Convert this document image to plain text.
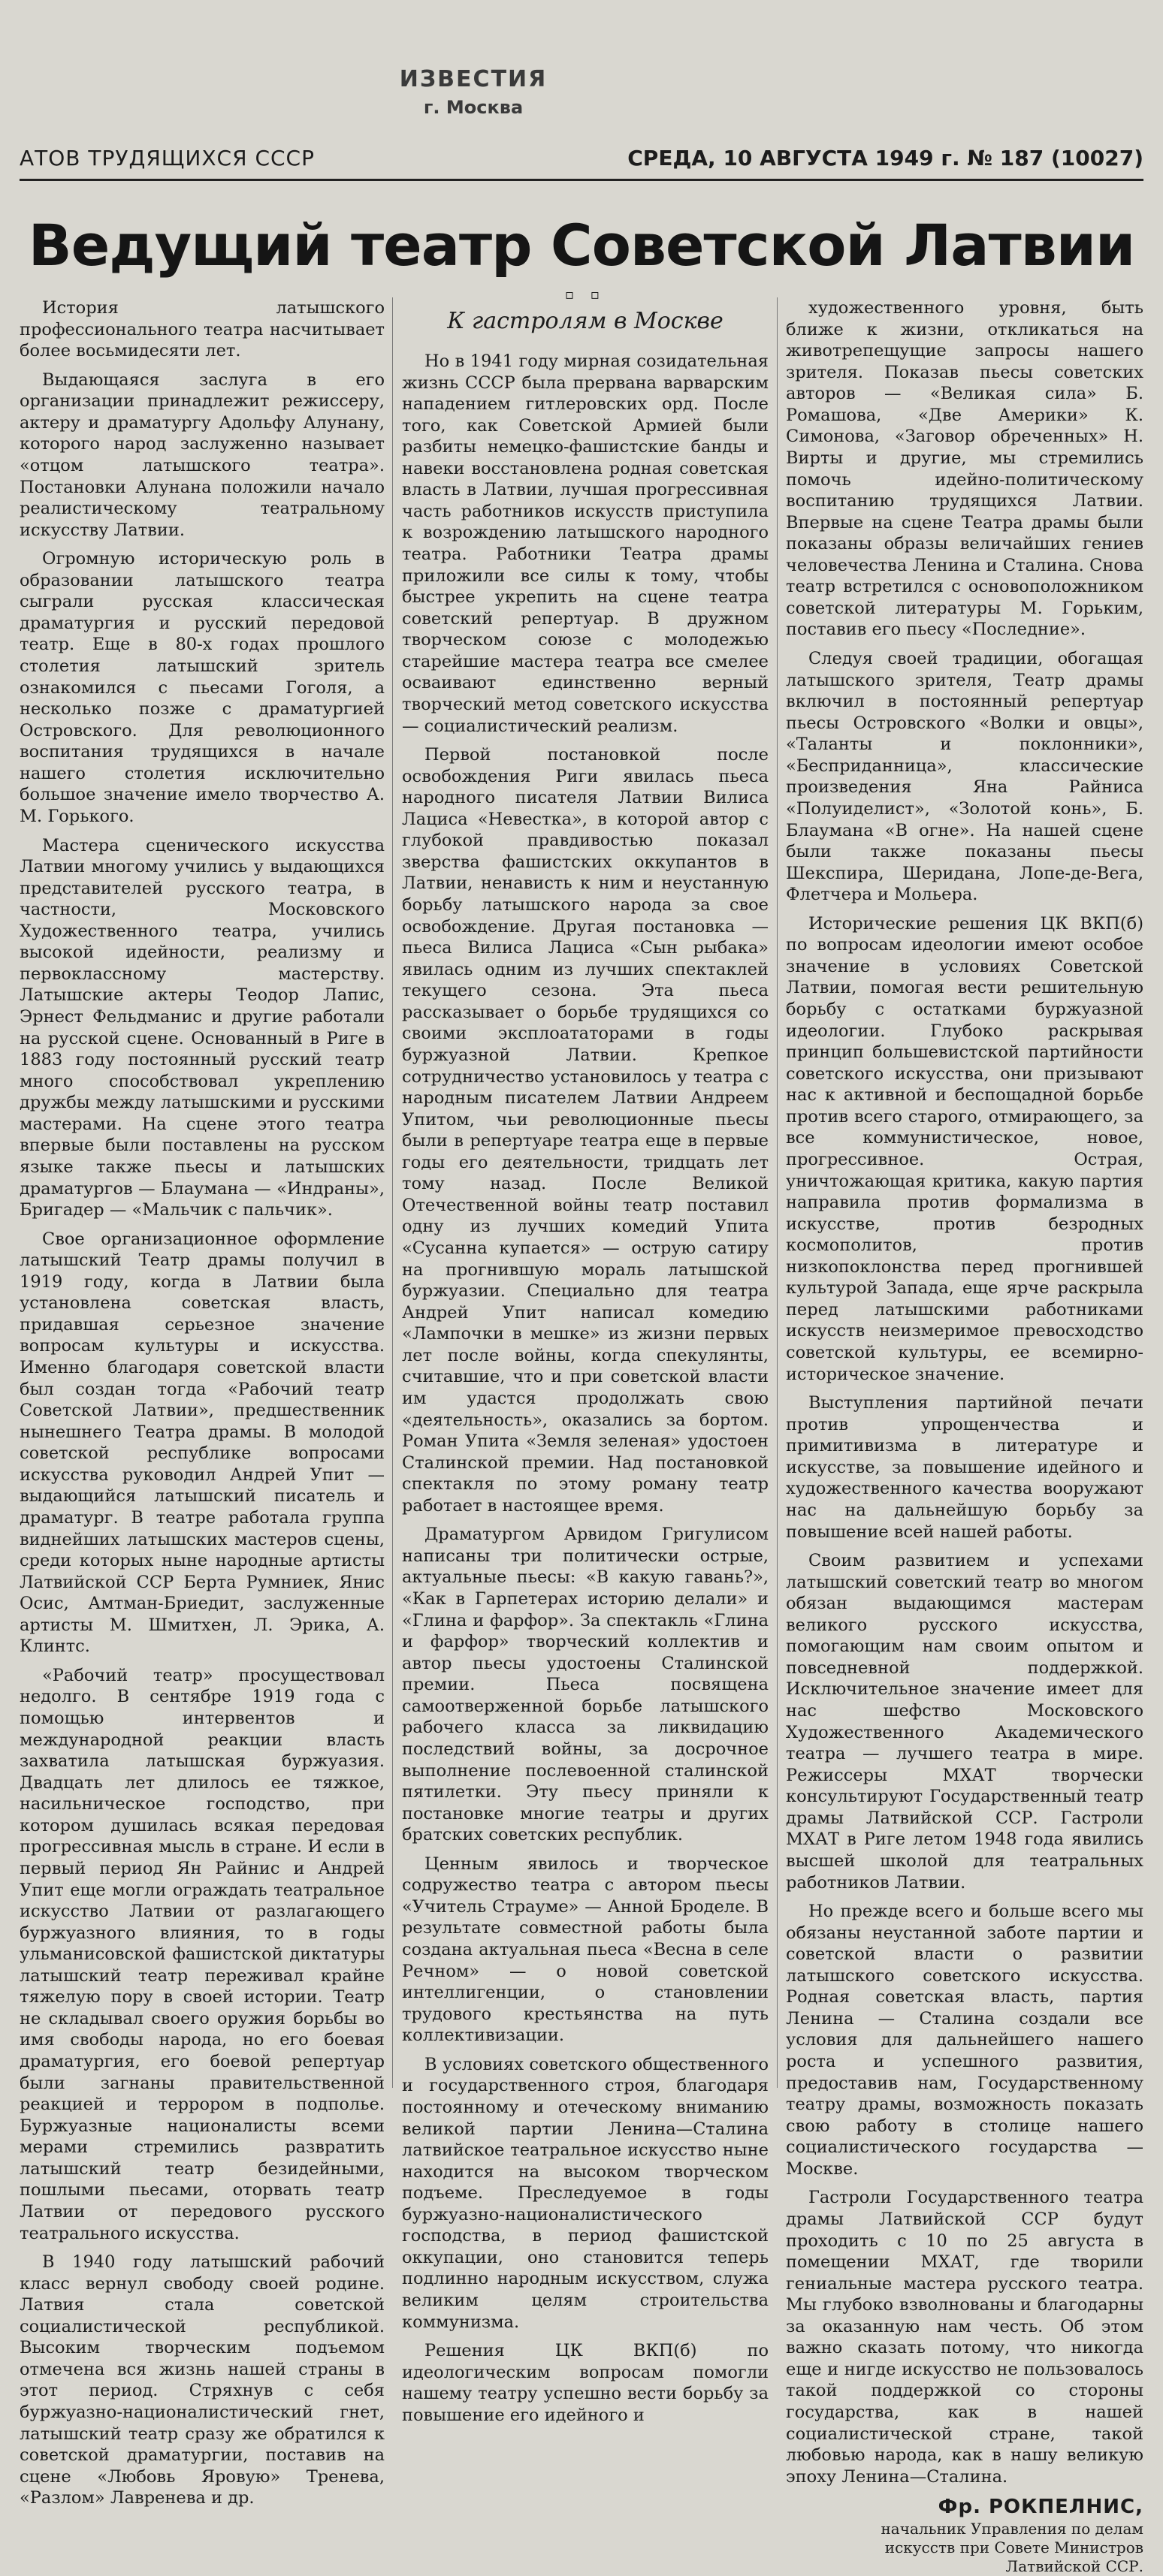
ИЗВЕСТИЯ
г. Москва
АТОВ ТРУДЯЩИХСЯ СССР	СРЕДА, 10 АВГУСТА 1949 г. № 187 (10027)
Ведущий театр Советской Латвии

История латышского профессионального театра насчитывает более восьмидесяти лет.

Выдающаяся заслуга в его организации принадлежит режиссеру, актеру и драматургу Адольфу Алунану, которого народ заслуженно называет «отцом латышского театра». Постановки Алунана положили начало реалистическому театральному искусству Латвии.

Огромную историческую роль в образовании латышского театра сыграли русская классическая драматургия и русский передовой театр. Еще в 80-х годах прошлого столетия латышский зритель ознакомился с пьесами Гоголя, а несколько позже с драматургией Островского. Для революционного воспитания трудящихся в начале нашего столетия исключительно большое значение имело творчество А. М. Горького.

Мастера сценического искусства Латвии многому учились у выдающихся представителей русского театра, в частности, Московского Художественного театра, учились высокой идейности, реализму и первоклассному мастерству. Латышские актеры Теодор Лапис, Эрнест Фельдманис и другие работали на русской сцене. Основанный в Риге в 1883 году постоянный русский театр много способствовал укреплению дружбы между латышскими и русскими мастерами. На сцене этого театра впервые были поставлены на русском языке также пьесы и латышских драматургов — Блаумана — «Индраны», Бригадер — «Мальчик с пальчик».

Свое организационное оформление латышский Театр драмы получил в 1919 году, когда в Латвии была установлена советская власть, придавшая серьезное значение вопросам культуры и искусства. Именно благодаря советской власти был создан тогда «Рабочий театр Советской Латвии», предшественник нынешнего Театра драмы. В молодой советской республике вопросами искусства руководил Андрей Упит — выдающийся латышский писатель и драматург. В театре работала группа виднейших латышских мастеров сцены, среди которых ныне народные артисты Латвийской ССР Берта Румниек, Янис Осис, Амтман-Бриедит, заслуженные артисты М. Шмитхен, Л. Эрика, А. Клинтс.

«Рабочий театр» просуществовал недолго. В сентябре 1919 года с помощью интервентов и международной реакции власть захватила латышская буржуазия. Двадцать лет длилось ее тяжкое, насильническое господство, при котором душилась всякая передовая прогрессивная мысль в стране. И если в первый период Ян Райнис и Андрей Упит еще могли ограждать театральное искусство Латвии от разлагающего буржуазного влияния, то в годы ульманисовской фашистской диктатуры латышский театр переживал крайне тяжелую пору в своей истории. Театр не складывал своего оружия борьбы во имя свободы народа, но его боевая драматургия, его боевой репертуар были загнаны правительственной реакцией и террором в подполье. Буржуазные националисты всеми мерами стремились развратить латышский театр безидейными, пошлыми пьесами, оторвать театр Латвии от передового русского театрального искусства.

В 1940 году латышский рабочий класс вернул свободу своей родине. Латвия стала советской социалистической республикой. Высоким творческим подъемом отмечена вся жизнь нашей страны в этот период. Стряхнув с себя буржуазно-националистический гнет, латышский театр сразу же обратился к советской драматургии, поставив на сцене «Любовь Яровую» Тренева, «Разлом» Лавренева и др.

▫ ▫
К гастролям в Москве

Но в 1941 году мирная созидательная жизнь СССР была прервана варварским нападением гитлеровских орд. После того, как Советской Армией были разбиты немецко-фашистские банды и навеки восстановлена родная советская власть в Латвии, лучшая прогрессивная часть работников искусств приступила к возрождению латышского народного театра. Работники Театра драмы приложили все силы к тому, чтобы быстрее укрепить на сцене театра советский репертуар. В дружном творческом союзе с молодежью старейшие мастера театра все смелее осваивают единственно верный творческий метод советского искусства — социалистический реализм.

Первой постановкой после освобождения Риги явилась пьеса народного писателя Латвии Вилиса Лациса «Невестка», в которой автор с глубокой правдивостью показал зверства фашистских оккупантов в Латвии, ненависть к ним и неустанную борьбу латышского народа за свое освобождение. Другая постановка — пьеса Вилиса Лациса «Сын рыбака» явилась одним из лучших спектаклей текущего сезона. Эта пьеса рассказывает о борьбе трудящихся со своими эксплоататорами в годы буржуазной Латвии. Крепкое сотрудничество установилось у театра с народным писателем Латвии Андреем Упитом, чьи революционные пьесы были в репертуаре театра еще в первые годы его деятельности, тридцать лет тому назад. После Великой Отечественной войны театр поставил одну из лучших комедий Упита «Сусанна купается» — острую сатиру на прогнившую мораль латышской буржуазии. Специально для театра Андрей Упит написал комедию «Лампочки в мешке» из жизни первых лет после войны, когда спекулянты, считавшие, что и при советской власти им удастся продолжать свою «деятельность», оказались за бортом. Роман Упита «Земля зеленая» удостоен Сталинской премии. Над постановкой спектакля по этому роману театр работает в настоящее время.

Драматургом Арвидом Григулисом написаны три политически острые, актуальные пьесы: «В какую гавань?», «Как в Гарпетерах историю делали» и «Глина и фарфор». За спектакль «Глина и фарфор» творческий коллектив и автор пьесы удостоены Сталинской премии. Пьеса посвящена самоотверженной борьбе латышского рабочего класса за ликвидацию последствий войны, за досрочное выполнение послевоенной сталинской пятилетки. Эту пьесу приняли к постановке многие театры и других братских советских республик.

Ценным явилось и творческое содружество театра с автором пьесы «Учитель Страуме» — Анной Броделе. В результате совместной работы была создана актуальная пьеса «Весна в селе Речном» — о новой советской интеллигенции, о становлении трудового крестьянства на путь коллективизации.

В условиях советского общественного и государственного строя, благодаря постоянному и отеческому вниманию великой партии Ленина—Сталина латвийское театральное искусство ныне находится на высоком творческом подъеме. Преследуемое в годы буржуазно-националистического господства, в период фашистской оккупации, оно становится теперь подлинно народным искусством, служа великим целям строительства коммунизма.

Решения ЦК ВКП(б) по идеологическим вопросам помогли нашему театру успешно вести борьбу за повышение его идейного и

художественного уровня, быть ближе к жизни, откликаться на животрепещущие запросы нашего зрителя. Показав пьесы советских авторов — «Великая сила» Б. Ромашова, «Две Америки» К. Симонова, «Заговор обреченных» Н. Вирты и другие, мы стремились помочь идейно-политическому воспитанию трудящихся Латвии. Впервые на сцене Театра драмы были показаны образы величайших гениев человечества Ленина и Сталина. Снова театр встретился с основоположником советской литературы М. Горьким, поставив его пьесу «Последние».

Следуя своей традиции, обогащая латышского зрителя, Театр драмы включил в постоянный репертуар пьесы Островского «Волки и овцы», «Таланты и поклонники», «Бесприданница», классические произведения Яна Райниса «Полуиделист», «Золотой конь», Б. Блаумана «В огне». На нашей сцене были также показаны пьесы Шекспира, Шеридана, Лопе-де-Вега, Флетчера и Мольера.

Исторические решения ЦК ВКП(б) по вопросам идеологии имеют особое значение в условиях Советской Латвии, помогая вести решительную борьбу с остатками буржуазной идеологии. Глубоко раскрывая принцип большевистской партийности советского искусства, они призывают нас к активной и беспощадной борьбе против всего старого, отмирающего, за все коммунистическое, новое, прогрессивное. Острая, уничтожающая критика, какую партия направила против формализма в искусстве, против безродных космополитов, против низкопоклонства перед прогнившей культурой Запада, еще ярче раскрыла перед латышскими работниками искусств неизмеримое превосходство советской культуры, ее всемирно-историческое значение.

Выступления партийной печати против упрощенчества и примитивизма в литературе и искусстве, за повышение идейного и художественного качества вооружают нас на дальнейшую борьбу за повышение всей нашей работы.

Своим развитием и успехами латышский советский театр во многом обязан выдающимся мастерам великого русского искусства, помогающим нам своим опытом и повседневной поддержкой. Исключительное значение имеет для нас шефство Московского Художественного Академического театра — лучшего театра в мире. Режиссеры МХАТ творчески консультируют Государственный театр драмы Латвийской ССР. Гастроли МХАТ в Риге летом 1948 года явились высшей школой для театральных работников Латвии.

Но прежде всего и больше всего мы обязаны неустанной заботе партии и советской власти о развитии латышского советского искусства. Родная советская власть, партия Ленина — Сталина создали все условия для дальнейшего нашего роста и успешного развития, предоставив нам, Государственному театру драмы, возможность показать свою работу в столице нашего социалистического государства — Москве.

Гастроли Государственного театра драмы Латвийской ССР будут проходить с 10 по 25 августа в помещении МХАТ, где творили гениальные мастера русского театра. Мы глубоко взволнованы и благодарны за оказанную нам честь. Об этом важно сказать потому, что никогда еще и нигде искусство не пользовалось такой поддержкой со стороны государства, как в нашей социалистической стране, такой любовью народа, как в нашу великую эпоху Ленина—Сталина.

Фр. РОКПЕЛНИС,
начальник Управления по делам искусств при Совете Министров Латвийской ССР.
